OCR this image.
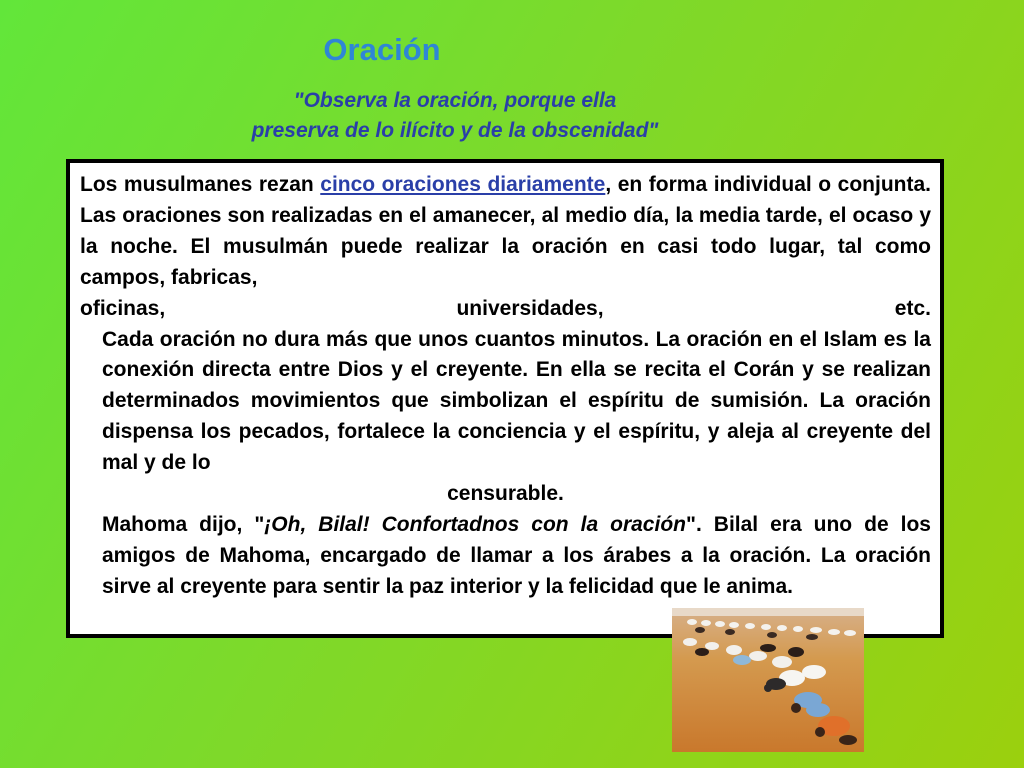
Oración
"Observa la oración, porque ella
preserva de lo ilícito y de la obscenidad"

Los musulmanes rezan cinco oraciones diariamente, en forma individual o conjunta. Las oraciones son realizadas en el amanecer, al medio día, la media tarde, el ocaso y la noche. El musulmán puede realizar la oración en casi todo lugar, tal como campos, fabricas,

oficinas, universidades, etc.

Cada oración no dura más que unos cuantos minutos. La oración en el Islam es la conexión directa entre Dios y el creyente. En ella se recita el Corán y se realizan determinados movimientos que simbolizan el espíritu de sumisión. La oración dispensa los pecados, fortalece la conciencia y el espíritu, y aleja al creyente del mal y de lo

censurable.

Mahoma dijo, "¡Oh, Bilal! Confortadnos con la oración". Bilal era uno de los amigos de Mahoma, encargado de llamar a los árabes a la oración. La oración sirve al creyente para sentir la paz interior y la felicidad que le anima.
